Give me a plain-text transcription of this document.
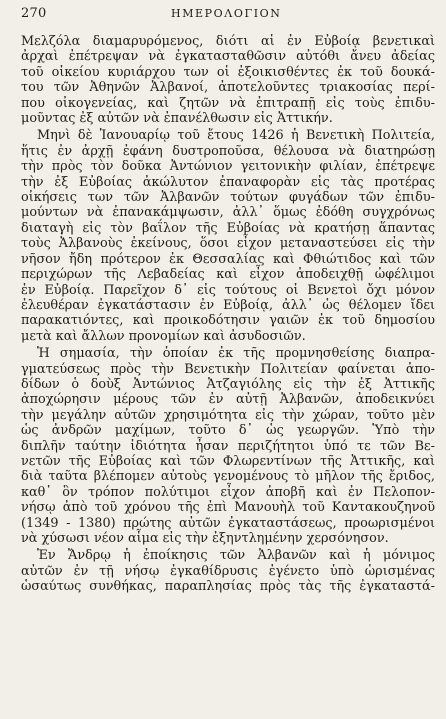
270	ΗΜΕΡΟΛΟΓΙΟΝ
Μελζόλα διαμαρυρόμενος, διότι αἱ ἐν Εὐβοίᾳ βενετικαὶ
ἀρχαὶ ἐπέτρεψαν νὰ ἐγκατασταθῶσιν αὐτόθι ἄνευ ἀδείας
τοῦ οἰκείου κυριάρχου των οἱ ἐξοικισθέντες ἐκ τοῦ δουκά-
του τῶν Ἀθηνῶν Ἀλβανοί, ἀποτελοῦντες τριακοσίας περί-
που οἰκογενείας, καὶ ζητῶν νὰ ἐπιτραπῇ εἰς τοὺς ἐπιδυ-
μοῦντας ἐξ αὐτῶν νὰ ἐπανέλθωσιν εἰς Ἀττικήν.
Μηνὶ δὲ Ἰανουαρίῳ τοῦ ἔτους 1426 ἡ Βενετικὴ Πολιτεία,
ἥτις ἐν ἀρχῇ ἐφάνη δυστροποῦσα, θέλουσα νὰ διατηρώσῃ
τὴν πρὸς τὸν δοῦκα Ἀντώνιον γειτονικὴν φιλίαν, ἐπέτρεψε
τὴν ἐξ Εὐβοίας ἀκώλυτον ἐπαναφορὰν εἰς τὰς προτέρας
οἰκήσεις των τῶν Ἀλβανῶν τούτων φυγάδων τῶν ἐπιδυ-
μούντων νὰ ἐπανακάμψωσιν, ἀλλ᾽ ὅμως ἐδόθη συγχρόνως
διαταγὴ εἰς τὸν βαΐλον τῆς Εὐβοίας νὰ κρατήσῃ ἅπαντας
τοὺς Ἀλβανοὺς ἐκείνους, ὅσοι εἶχον μεταναστεύσει εἰς τὴν
νῆσον ἤδη πρότερον ἐκ Θεσσαλίας καὶ Φθιώτιδος καὶ τῶν
περιχώρων τῆς Λεβαδείας καὶ εἶχον ἀποδειχθῇ ὠφέλιμοι
ἐν Εὐβοίᾳ. Παρεῖχον δ᾽ εἰς τούτους οἱ Βενετοὶ ὄχι μόνον
ἐλευθέραν ἐγκατάστασιν ἐν Εὐβοίᾳ, ἀλλ᾽ ὡς θέλομεν ἴδει
παρακατιόντες, καὶ προικοδότησιν γαιῶν ἐκ τοῦ δημοσίου
μετὰ καὶ ἄλλων προνομίων καὶ ἀσυδοσιῶν.
Ἡ σημασία, τὴν ὁποίαν ἐκ τῆς προμνησθείσης διαπρα-
γματεύσεως πρὸς τὴν Βενετικὴν Πολιτείαν φαίνεται ἀπο-
δίδων ὁ δοὺξ Ἀντώνιος Ἀτζαγιόλης εἰς τὴν ἐξ Ἀττικῆς
ἀποχώρησιν μέρους τῶν ἐν αὐτῇ Ἀλβανῶν, ἀποδεικνύει
τὴν μεγάλην αὐτῶν χρησιμότητα εἰς τὴν χώραν, τοῦτο μὲν
ὡς ἀνδρῶν μαχίμων, τοῦτο δ᾽ ὡς γεωργῶν. Ὑπὸ τὴν
διπλῆν ταύτην ἰδιότητα ἦσαν περιζήτητοι ὑπό τε τῶν Βε-
νετῶν τῆς Εὐβοίας καὶ τῶν Φλωρεντίνων τῆς Ἀττικῆς, καὶ
διὰ ταῦτα βλέπομεν αὐτοὺς γενομένους τὸ μῆλον τῆς ἔριδος,
καθ᾽ ὃν τρόπον πολύτιμοι εἶχον ἀποβῆ καὶ ἐν Πελοπον-
νήσῳ ἀπὸ τοῦ χρόνου τῆς ἐπὶ Μανουὴλ τοῦ Καντακουζηνοῦ
(1349 - 1380) πρώτης αὐτῶν ἐγκαταστάσεως, προωρισμένοι
νὰ χύσωσι νέον αἷμα εἰς τὴν ἐξηντλημένην χερσόνησον.
Ἐν Ἄνδρῳ ἡ ἐποίκησις τῶν Ἀλβανῶν καὶ ἡ μόνιμος
αὐτῶν ἐν τῇ νήσῳ ἐγκαθίδρυσις ἐγένετο ὑπὸ ὡρισμένας
ὡσαύτως συνθήκας, παραπλησίας πρὸς τὰς τῆς ἐγκαταστά-
